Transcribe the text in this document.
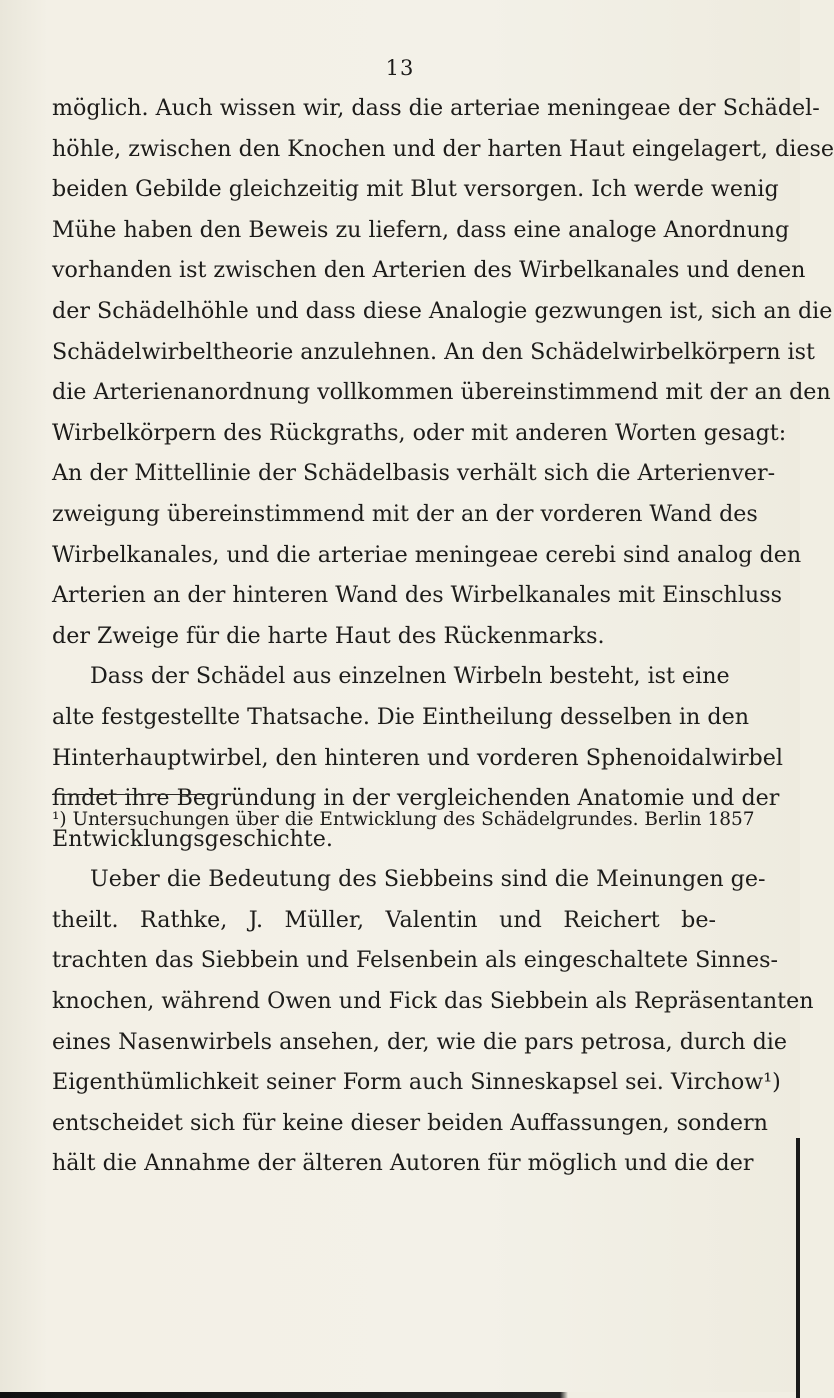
13
möglich. Auch wissen wir, dass die arteriae meningeae der Schädel-
höhle, zwischen den Knochen und der harten Haut eingelagert, diese
beiden Gebilde gleichzeitig mit Blut versorgen. Ich werde wenig
Mühe haben den Beweis zu liefern, dass eine analoge Anordnung
vorhanden ist zwischen den Arterien des Wirbelkanales und denen
der Schädelhöhle und dass diese Analogie gezwungen ist, sich an die
Schädelwirbeltheorie anzulehnen. An den Schädelwirbelkörpern ist
die Arterienanordnung vollkommen übereinstimmend mit der an den
Wirbelkörpern des Rückgraths, oder mit anderen Worten gesagt:
An der Mittellinie der Schädelbasis verhält sich die Arterienver-
zweigung übereinstimmend mit der an der vorderen Wand des
Wirbelkanales, und die arteriae meningeae cerebi sind analog den
Arterien an der hinteren Wand des Wirbelkanales mit Einschluss
der Zweige für die harte Haut des Rückenmarks.
Dass der Schädel aus einzelnen Wirbeln besteht, ist eine
alte festgestellte Thatsache. Die Eintheilung desselben in den
Hinterhauptwirbel, den hinteren und vorderen Sphenoidalwirbel
findet ihre Begründung in der vergleichenden Anatomie und der
Entwicklungsgeschichte.
Ueber die Bedeutung des Siebbeins sind die Meinungen ge-
theilt. Rathke, J. Müller, Valentin und Reichert be-
trachten das Siebbein und Felsenbein als eingeschaltete Sinnes-
knochen, während Owen und Fick das Siebbein als Repräsentanten
eines Nasenwirbels ansehen, der, wie die pars petrosa, durch die
Eigenthümlichkeit seiner Form auch Sinneskapsel sei. Virchow¹)
entscheidet sich für keine dieser beiden Auffassungen, sondern
hält die Annahme der älteren Autoren für möglich und die der
¹) Untersuchungen über die Entwicklung des Schädelgrundes. Berlin 1857
